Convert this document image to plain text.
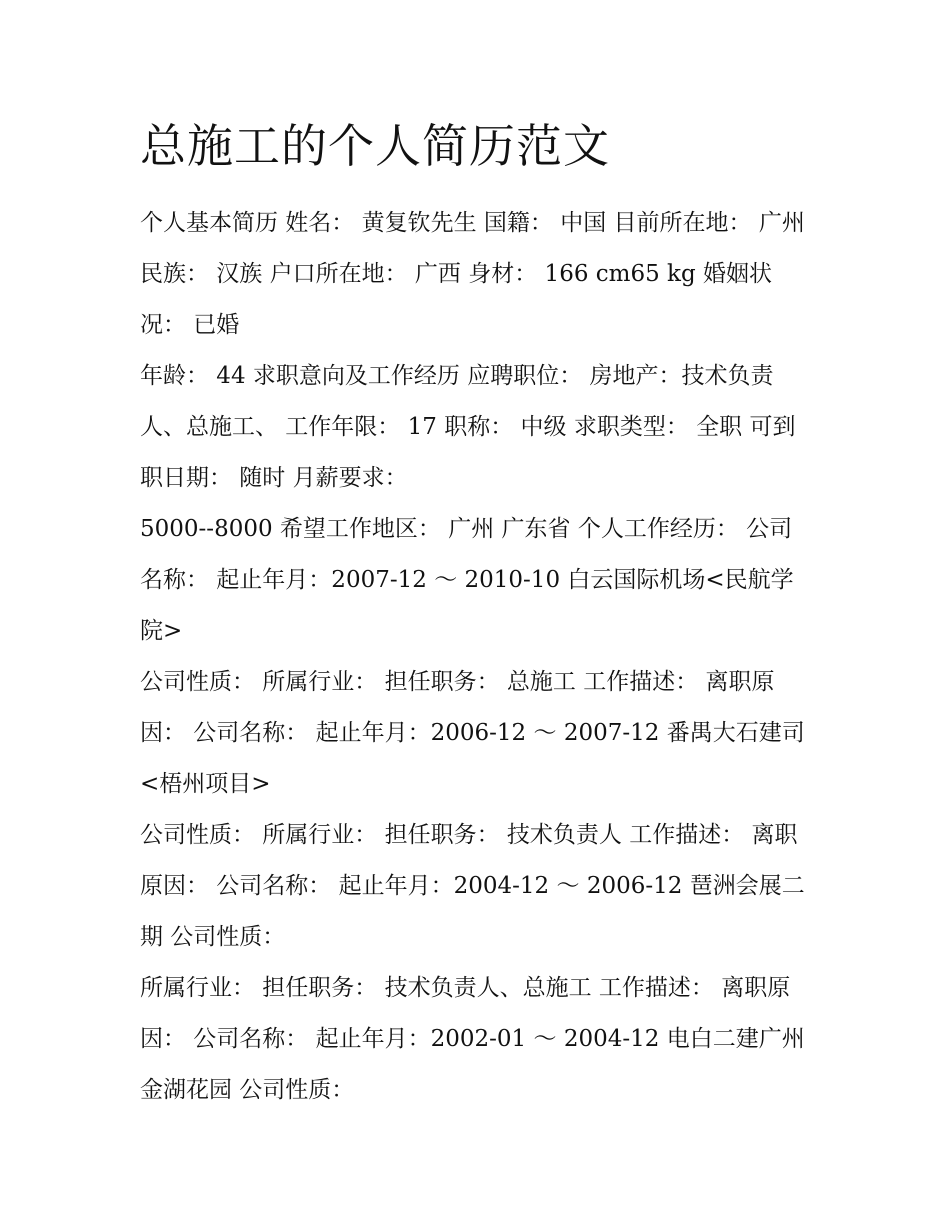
总施工的个人简历范文

个人基本简历 姓名： 黄复钦先生 国籍： 中国 目前所在地： 广州 民族： 汉族 户口所在地： 广西 身材： 166 cm65 kg 婚姻状况： 已婚

年龄： 44 求职意向及工作经历 应聘职位： 房地产：技术负责人、总施工、 工作年限： 17 职称： 中级 求职类型： 全职 可到职日期： 随时 月薪要求：

5000--8000 希望工作地区： 广州 广东省 个人工作经历： 公司名称： 起止年月：2007-12 ～ 2010-10 白云国际机场<民航学院>

公司性质： 所属行业： 担任职务： 总施工 工作描述： 离职原因： 公司名称： 起止年月：2006-12 ～ 2007-12 番禺大石建司<梧州项目>

公司性质： 所属行业： 担任职务： 技术负责人 工作描述： 离职原因： 公司名称： 起止年月：2004-12 ～ 2006-12 琶洲会展二期 公司性质：

所属行业： 担任职务： 技术负责人、总施工 工作描述： 离职原因： 公司名称： 起止年月：2002-01 ～ 2004-12 电白二建广州金湖花园 公司性质：
